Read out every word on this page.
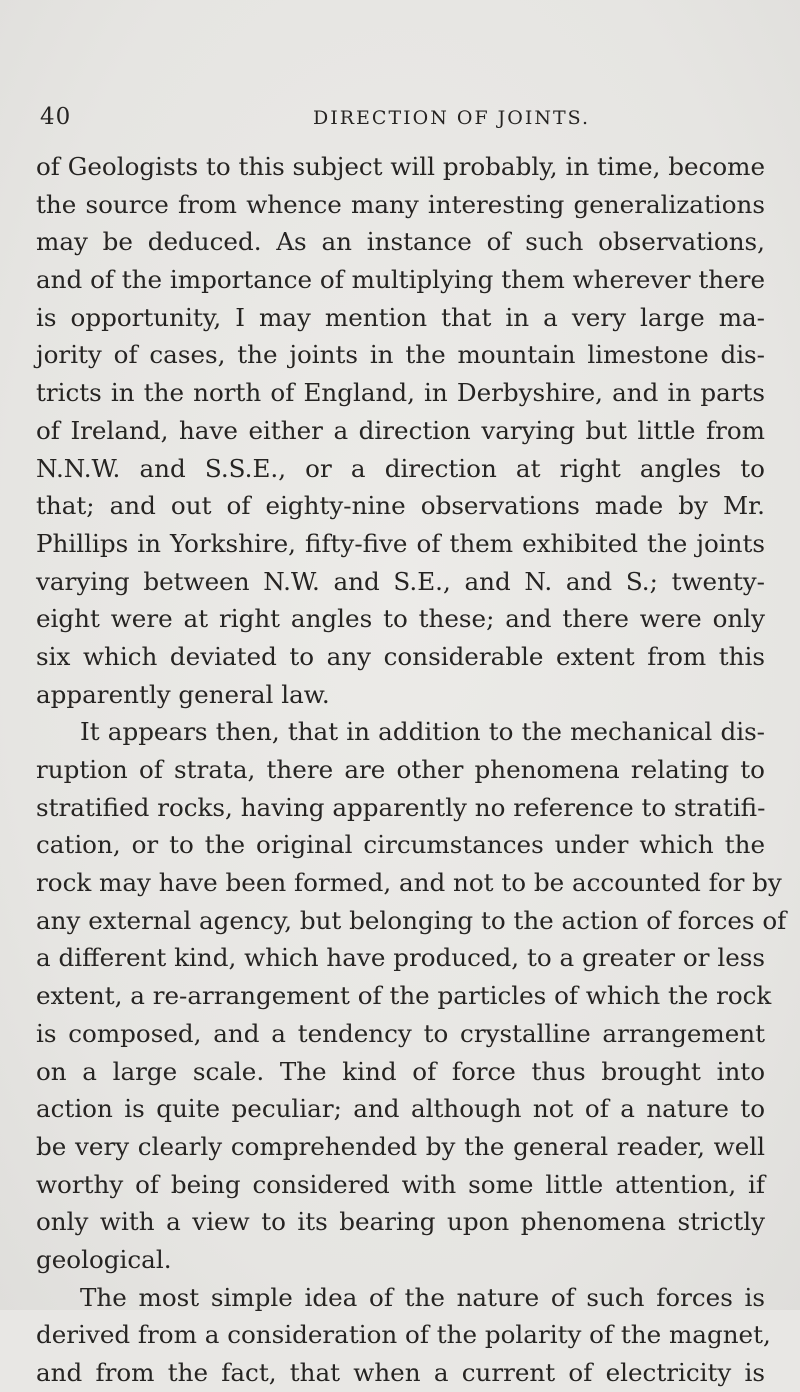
40	DIRECTION OF JOINTS.
of Geologists to this subject will probably, in time, become
the source from whence many interesting generalizations
may be deduced. As an instance of such observations,
and of the importance of multiplying them wherever there
is opportunity, I may mention that in a very large ma-
jority of cases, the joints in the mountain limestone dis-
tricts in the north of England, in Derbyshire, and in parts
of Ireland, have either a direction varying but little from
N.N.W. and S.S.E., or a direction at right angles to
that; and out of eighty-nine observations made by Mr.
Phillips in Yorkshire, fifty-five of them exhibited the joints
varying between N.W. and S.E., and N. and S.; twenty-
eight were at right angles to these; and there were only
six which deviated to any considerable extent from this
apparently general law.
It appears then, that in addition to the mechanical dis-
ruption of strata, there are other phenomena relating to
stratified rocks, having apparently no reference to stratifi-
cation, or to the original circumstances under which the
rock may have been formed, and not to be accounted for by
any external agency, but belonging to the action of forces of
a different kind, which have produced, to a greater or less
extent, a re-arrangement of the particles of which the rock
is composed, and a tendency to crystalline arrangement
on a large scale. The kind of force thus brought into
action is quite peculiar; and although not of a nature to
be very clearly comprehended by the general reader, well
worthy of being considered with some little attention, if
only with a view to its bearing upon phenomena strictly
geological.
The most simple idea of the nature of such forces is
derived from a consideration of the polarity of the magnet,
and from the fact, that when a current of electricity is
